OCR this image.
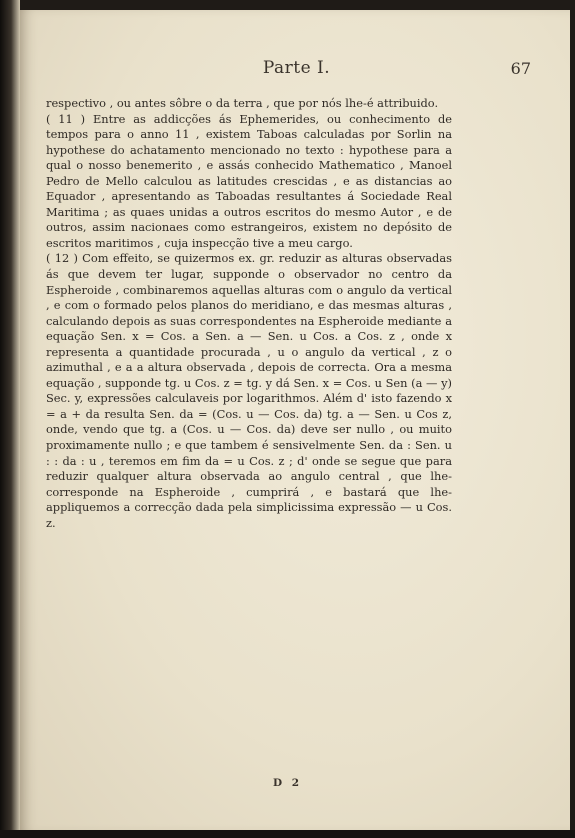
Parte I.	67

respectivo , ou antes sôbre o da terra , que por nós lhe-é attribuido.

( 11 ) Entre as addicções ás Ephemerides, ou conhecimento de tempos para o anno 11 , existem Taboas calculadas por Sorlin na hypothese do achatamento mencionado no texto : hypothese para a qual o nosso benemerito , e assás conhecido Mathematico , Manoel Pedro de Mello calculou as latitudes crescidas , e as distancias ao Equador , apresentando as Taboadas resultantes á Sociedade Real Maritima ; as quaes unidas a outros escritos do mesmo Autor , e de outros, assim nacionaes como estrangeiros, existem no depósito de escritos maritimos , cuja inspecção tive a meu cargo.

( 12 ) Com effeito, se quizermos ex. gr. reduzir as alturas observadas ás que devem ter lugar, supponde o observador no centro da Espheroide , combinaremos aquellas alturas com o angulo da vertical , e com o formado pelos planos do meridiano, e das mesmas alturas , calculando depois as suas correspondentes na Espheroide mediante a equação Sen. x = Cos. a Sen. a — Sen. u Cos. a Cos. z , onde x representa a quantidade procurada , u o angulo da vertical , z o azimuthal , e a a altura observada , depois de correcta. Ora a mesma equação , supponde tg. u Cos. z = tg. y dá Sen. x = Cos. u Sen (a — y) Sec. y, expressões calculaveis por logarithmos. Além d' isto fazendo x = a + da resulta Sen. da = (Cos. u — Cos. da) tg. a — Sen. u Cos z, onde, vendo que tg. a (Cos. u — Cos. da) deve ser nullo , ou muito proximamente nullo ; e que tambem é sensivelmente Sen. da : Sen. u : : da : u , teremos em fim da = u Cos. z ; d' onde se segue que para reduzir qualquer altura observada ao angulo central , que lhe-corresponde na Espheroide , cumprirá , e bastará que lhe-appliquemos a correcção dada pela simplicissima expressão — u Cos. z.

D 2
